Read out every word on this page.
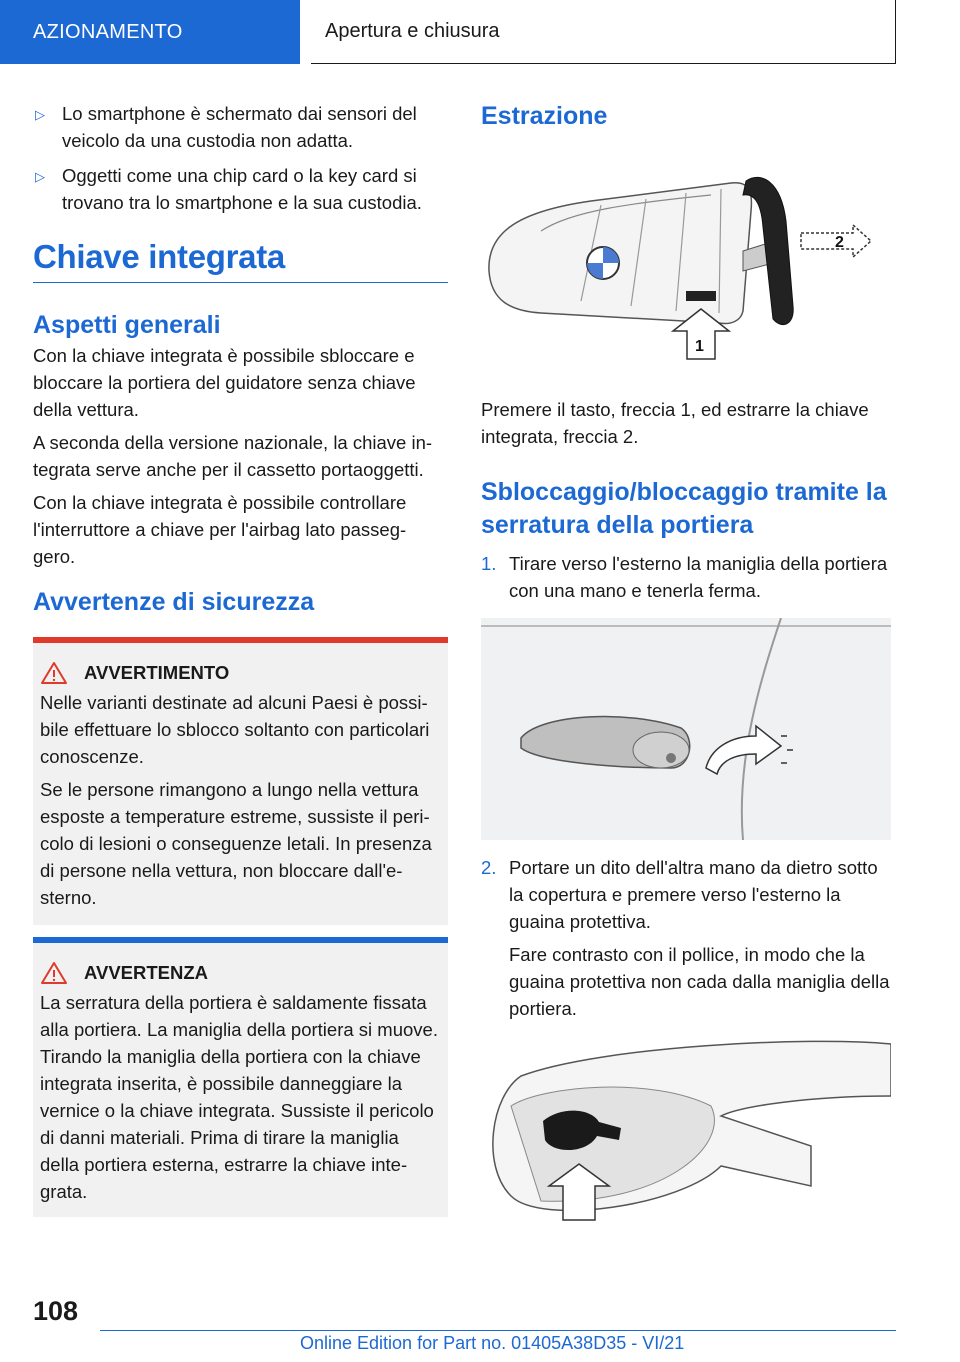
AZIONAMENTO	Apertura e chiusura
▷ Lo smartphone è schermato dai sensori del veicolo da una custodia non adatta.
▷ Oggetti come una chip card o la key card si trovano tra lo smartphone e la sua custodia.
Chiave integrata
Aspetti generali

Con la chiave integrata è possibile sbloccare e bloccare la portiera del guidatore senza chiave della vettura.

A seconda della versione nazionale, la chiave in-tegrata serve anche per il cassetto portaoggetti.

Con la chiave integrata è possibile controllare l'interruttore a chiave per l'airbag lato passeg-gero.

Avvertenze di sicurezza
AVVERTIMENTO

Nelle varianti destinate ad alcuni Paesi è possi-bile effettuare lo sblocco soltanto con particolari conoscenze.

Se le persone rimangono a lungo nella vettura esposte a temperature estreme, sussiste il peri-colo di lesioni o conseguenze letali. In presenza di persone nella vettura, non bloccare dall'e-sterno.

AVVERTENZA

La serratura della portiera è saldamente fissata alla portiera. La maniglia della portiera si muove. Tirando la maniglia della portiera con la chiave integrata inserita, è possibile danneggiare la vernice o la chiave integrata. Sussiste il pericolo di danni materiali. Prima di tirare la maniglia della portiera esterna, estrarre la chiave inte-grata.

Estrazione
2
1

Premere il tasto, freccia 1, ed estrarre la chiave integrata, freccia 2.

Sbloccaggio/bloccaggio tramite la serratura della portiera
1. Tirare verso l'esterno la maniglia della portiera con una mano e tenerla ferma.

2. Portare un dito dell'altra mano da dietro sotto la copertura e premere verso l'esterno la guaina protettiva.

Fare contrasto con il pollice, in modo che la guaina protettiva non cada dalla maniglia della portiera.

108
Online Edition for Part no. 01405A38D35 - VI/21
